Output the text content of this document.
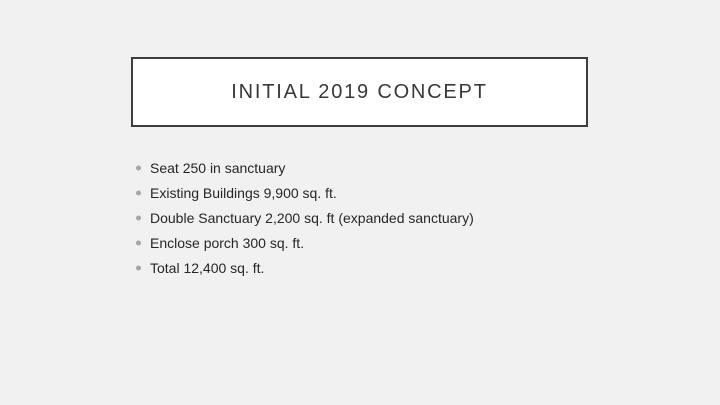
INITIAL 2019 CONCEPT
Seat 250 in sanctuary
Existing Buildings 9,900 sq. ft.
Double Sanctuary 2,200 sq. ft (expanded sanctuary)
Enclose porch 300 sq. ft.
Total 12,400 sq. ft.
